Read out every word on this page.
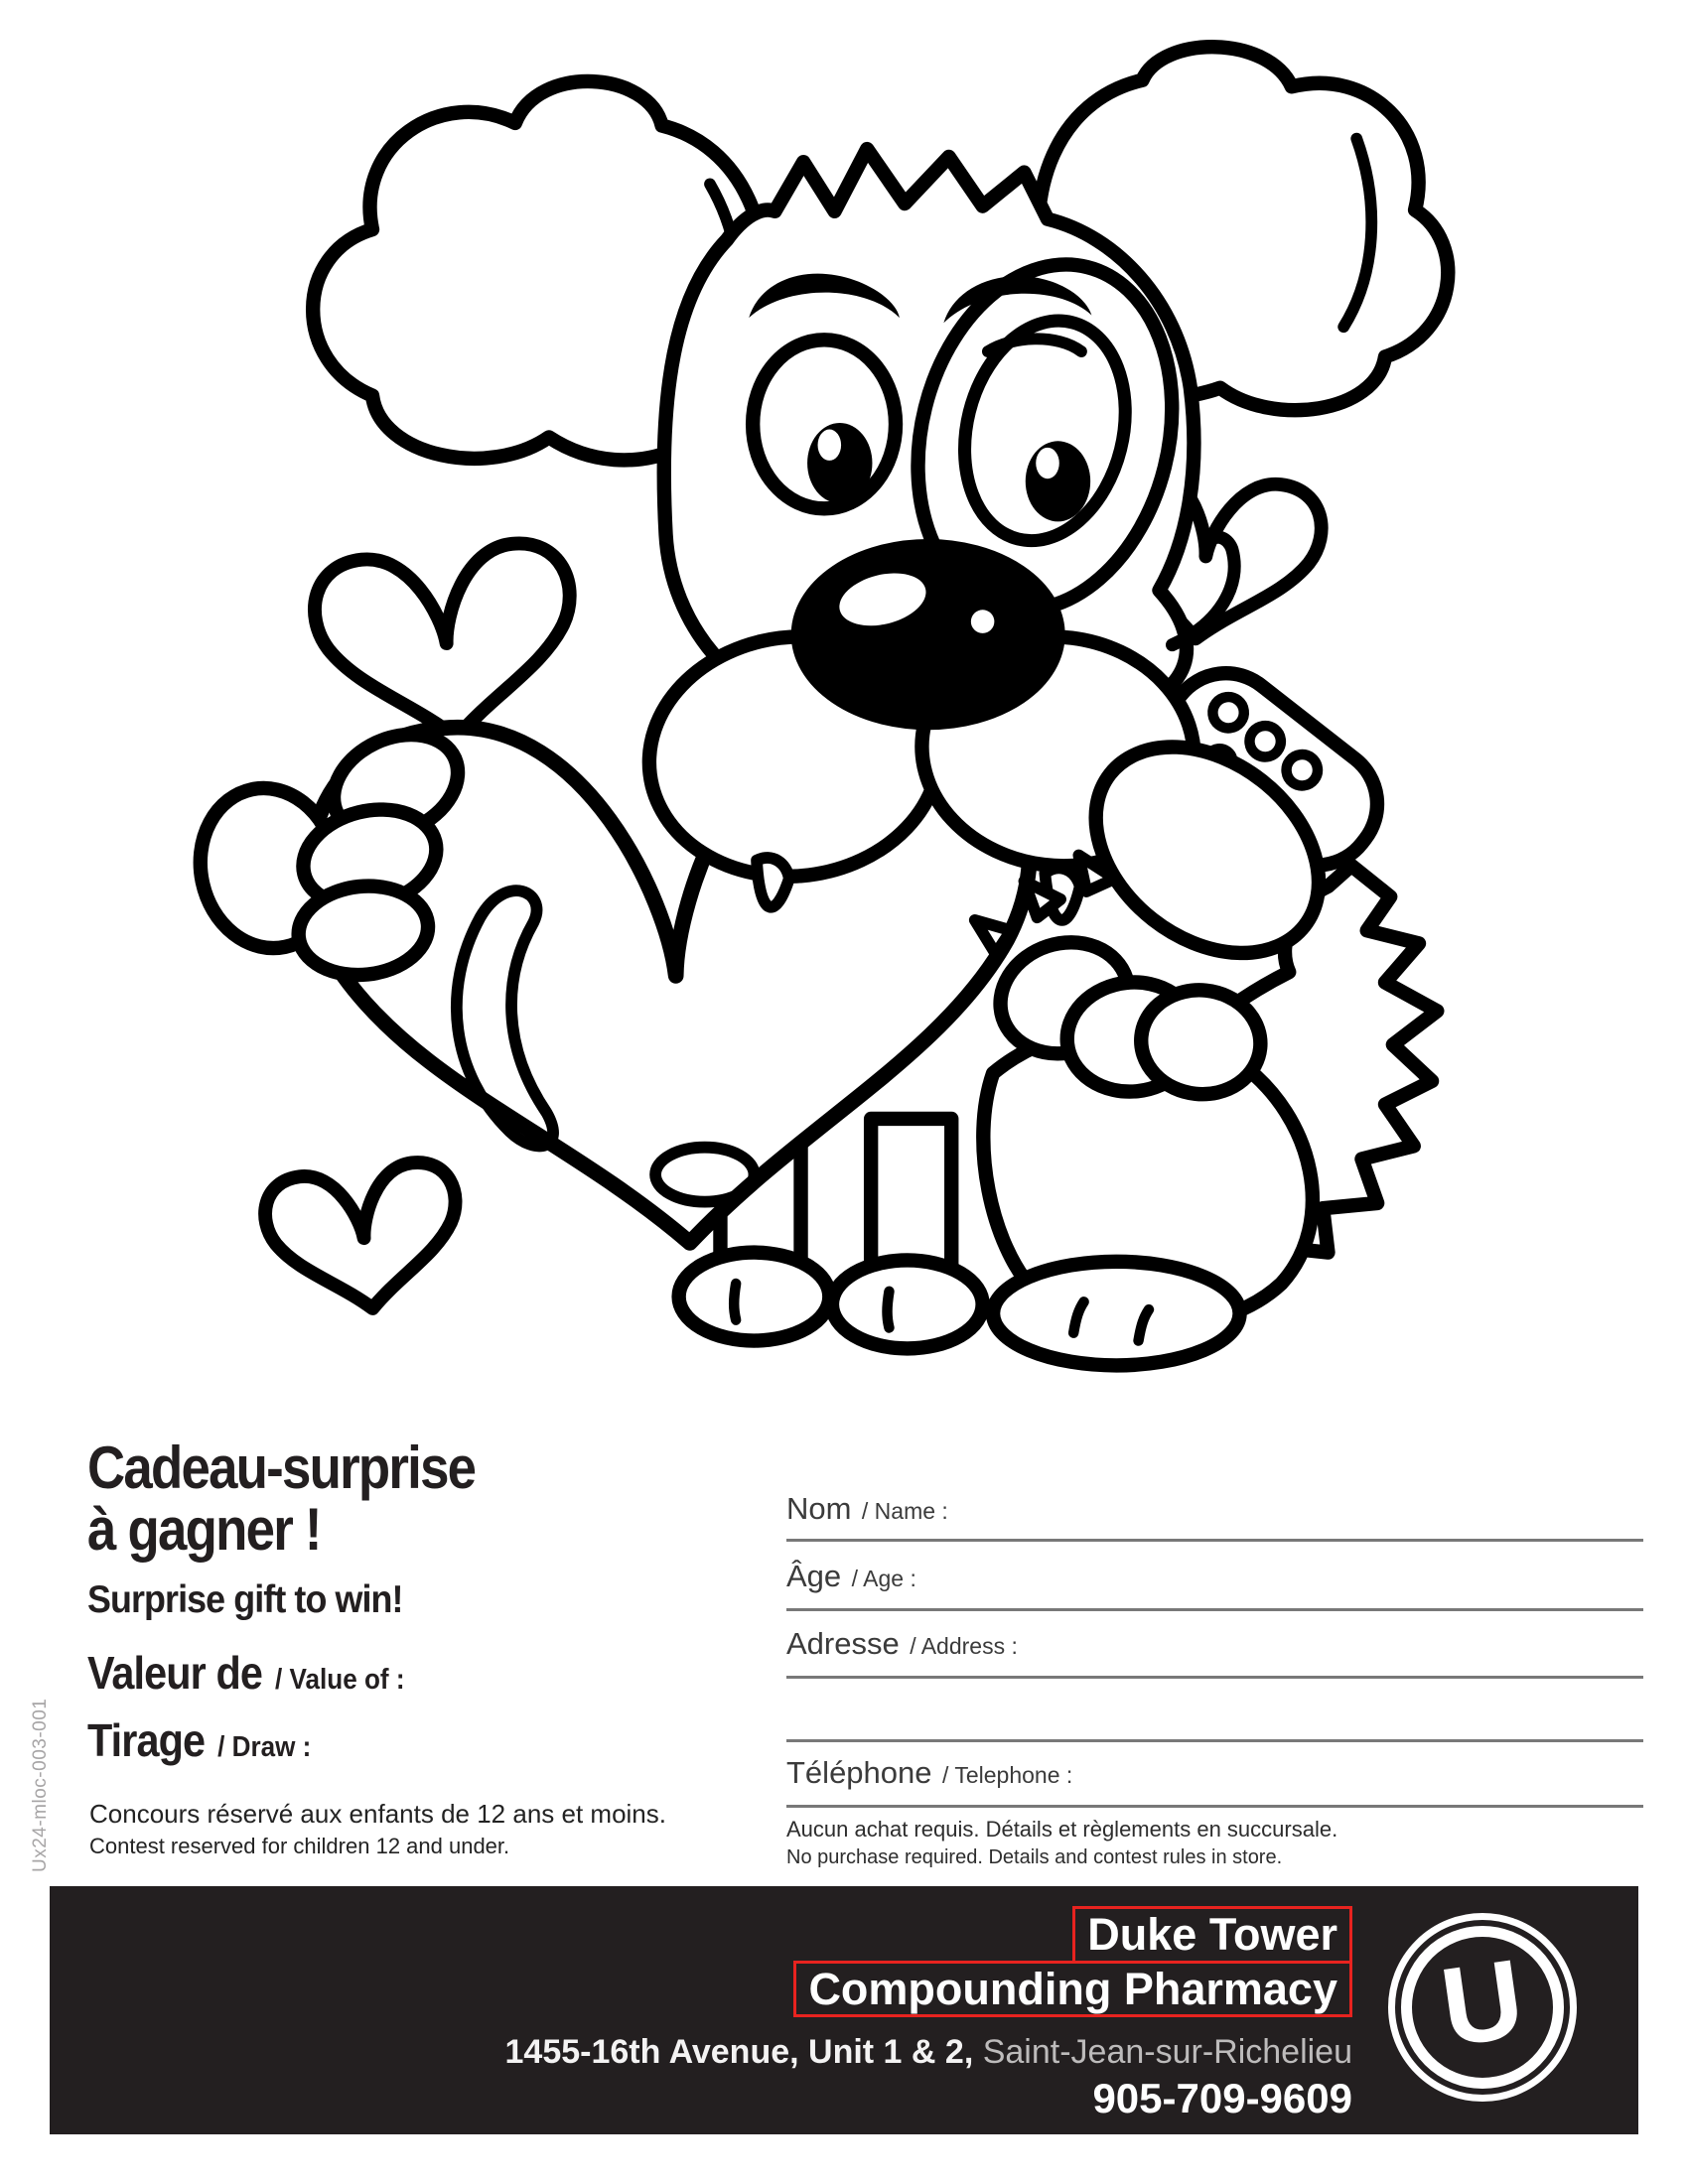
Cadeau-surprise
à gagner !
Surprise gift to win!
Valeur de / Value of :
Tirage / Draw :
Concours réservé aux enfants de 12 ans et moins.
Contest reserved for children 12 and under.
Ux24-mloc-003-001
Nom / Name :
Âge / Age :
Adresse / Address :
Téléphone / Telephone :
Aucun achat requis. Détails et règlements en succursale.
No purchase required. Details and contest rules in store.
Duke Tower
Compounding Pharmacy
1455-16th Avenue, Unit 1 & 2, Saint-Jean-sur-Richelieu
905-709-9609
U
